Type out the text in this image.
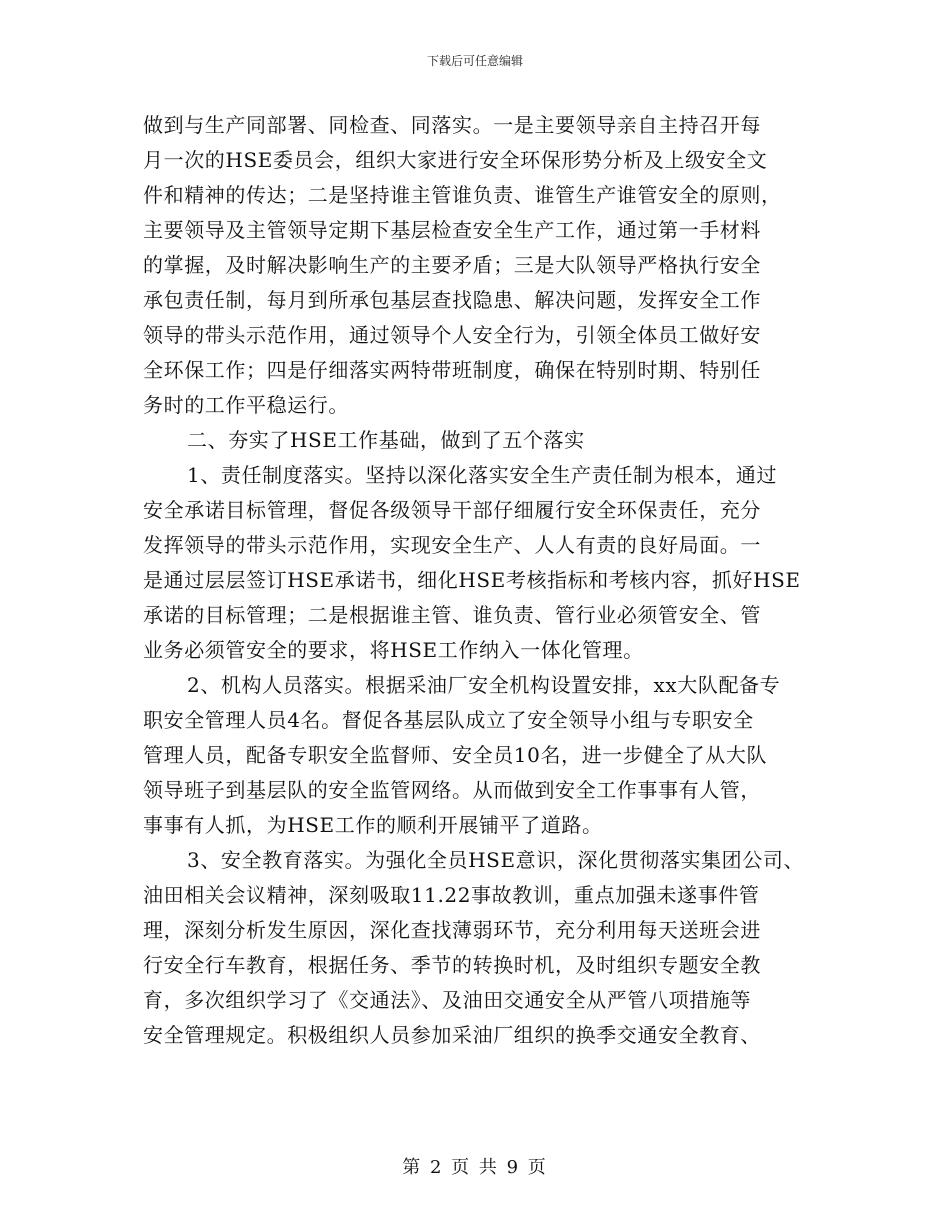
下载后可任意编辑
做到与生产同部署、同检查、同落实。一是主要领导亲自主持召开每
月一次的HSE委员会，组织大家进行安全环保形势分析及上级安全文
件和精神的传达；二是坚持谁主管谁负责、谁管生产谁管安全的原则，
主要领导及主管领导定期下基层检查安全生产工作，通过第一手材料
的掌握，及时解决影响生产的主要矛盾；三是大队领导严格执行安全
承包责任制，每月到所承包基层查找隐患、解决问题，发挥安全工作
领导的带头示范作用，通过领导个人安全行为，引领全体员工做好安
全环保工作；四是仔细落实两特带班制度，确保在特别时期、特别任
务时的工作平稳运行。
二、夯实了HSE工作基础，做到了五个落实
1、责任制度落实。坚持以深化落实安全生产责任制为根本，通过
安全承诺目标管理，督促各级领导干部仔细履行安全环保责任，充分
发挥领导的带头示范作用，实现安全生产、人人有责的良好局面。一
是通过层层签订HSE承诺书，细化HSE考核指标和考核内容，抓好HSE
承诺的目标管理；二是根据谁主管、谁负责、管行业必须管安全、管
业务必须管安全的要求，将HSE工作纳入一体化管理。
2、机构人员落实。根据采油厂安全机构设置安排，xx大队配备专
职安全管理人员4名。督促各基层队成立了安全领导小组与专职安全
管理人员，配备专职安全监督师、安全员10名，进一步健全了从大队
领导班子到基层队的安全监管网络。从而做到安全工作事事有人管，
事事有人抓，为HSE工作的顺利开展铺平了道路。
3、安全教育落实。为强化全员HSE意识，深化贯彻落实集团公司、
油田相关会议精神，深刻吸取11.22事故教训，重点加强未遂事件管
理，深刻分析发生原因，深化查找薄弱环节，充分利用每天送班会进
行安全行车教育，根据任务、季节的转换时机，及时组织专题安全教
育，多次组织学习了《交通法》、及油田交通安全从严管八项措施等
安全管理规定。积极组织人员参加采油厂组织的换季交通安全教育、
第 2 页 共 9 页
